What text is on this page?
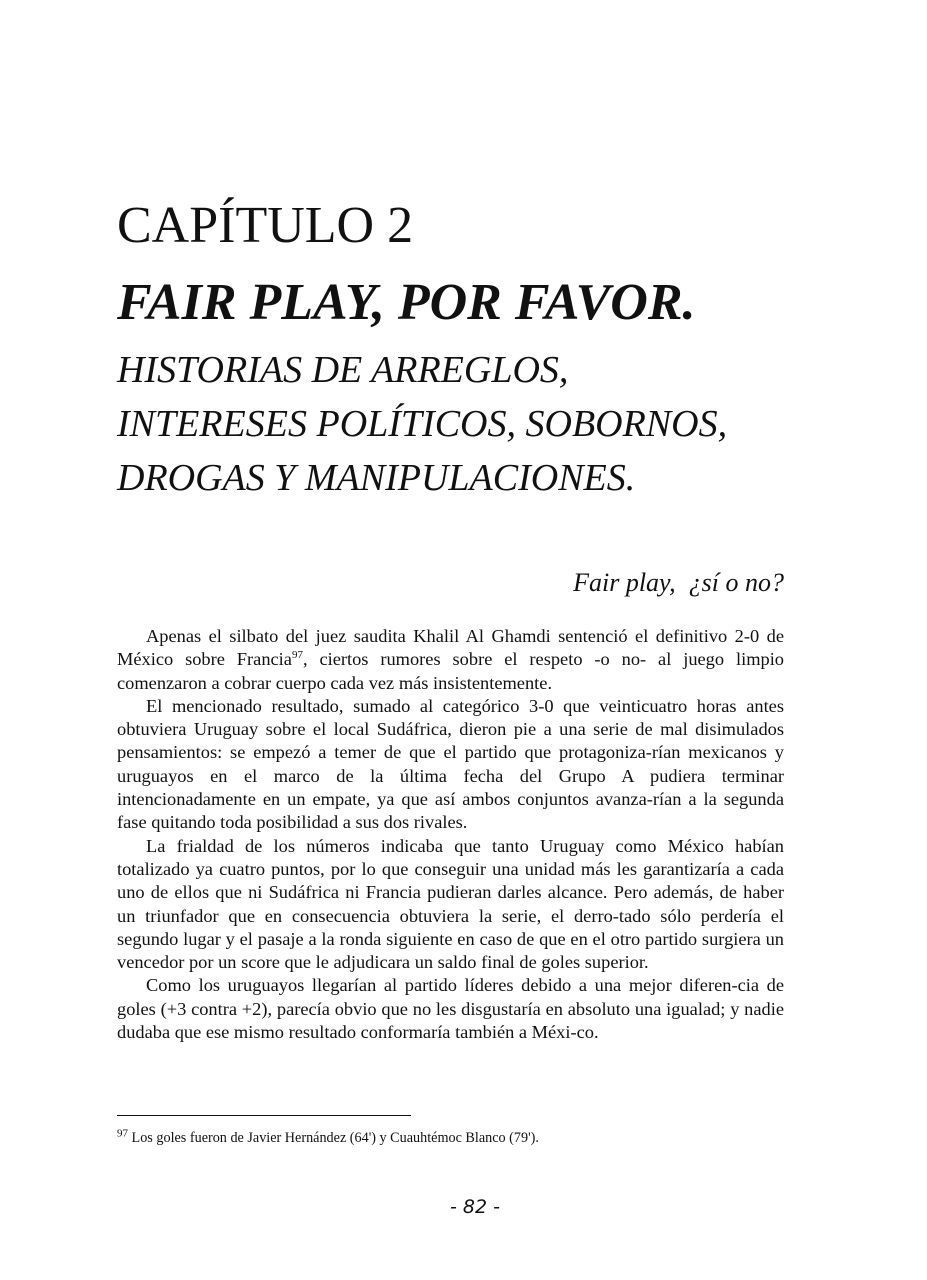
CAPÍTULO 2
FAIR PLAY, POR FAVOR.
HISTORIAS DE ARREGLOS,
INTERESES POLÍTICOS, SOBORNOS,
DROGAS Y MANIPULACIONES.
Fair play,  ¿sí o no?

Apenas el silbato del juez saudita Khalil Al Ghamdi sentenció el definitivo 2-0 de México sobre Francia$^{97}$, ciertos rumores sobre el respeto -o no- al juego limpio comenzaron a cobrar cuerpo cada vez más insistentemente.

El mencionado resultado, sumado al categórico 3-0 que veinticuatro horas antes obtuviera Uruguay sobre el local Sudáfrica, dieron pie a una serie de mal disimulados pensamientos: se empezó a temer de que el partido que protagoniza-rían mexicanos y uruguayos en el marco de la última fecha del Grupo A pudiera terminar intencionadamente en un empate, ya que así ambos conjuntos avanza-rían a la segunda fase quitando toda posibilidad a sus dos rivales.

La frialdad de los números indicaba que tanto Uruguay como México habían totalizado ya cuatro puntos, por lo que conseguir una unidad más les garantizaría a cada uno de ellos que ni Sudáfrica ni Francia pudieran darles alcance. Pero además, de haber un triunfador que en consecuencia obtuviera la serie, el derro-tado sólo perdería el segundo lugar y el pasaje a la ronda siguiente en caso de que en el otro partido surgiera un vencedor por un score que le adjudicara un saldo final de goles superior.

Como los uruguayos llegarían al partido líderes debido a una mejor diferen-cia de goles (+3 contra +2), parecía obvio que no les disgustaría en absoluto una igualad; y nadie dudaba que ese mismo resultado conformaría también a Méxi-co.

$^{97}$ Los goles fueron de Javier Hernández (64') y Cuauhtémoc Blanco (79').
- 82 -
